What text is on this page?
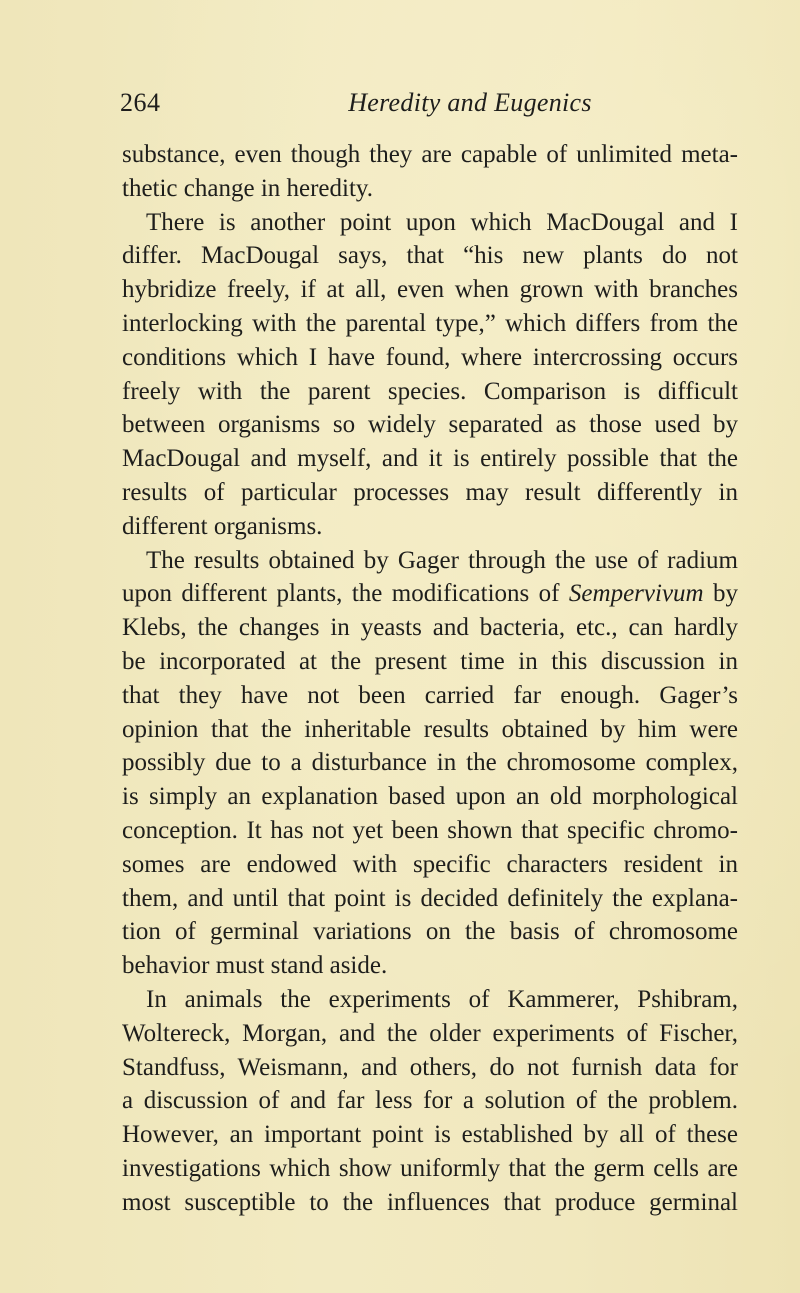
264	Heredity and Eugenics
substance, even though they are capable of unlimited meta-
thetic change in heredity.
There is another point upon which MacDougal and I
differ. MacDougal says, that “his new plants do not
hybridize freely, if at all, even when grown with branches
interlocking with the parental type,” which differs from the
conditions which I have found, where intercrossing occurs
freely with the parent species. Comparison is difficult
between organisms so widely separated as those used by
MacDougal and myself, and it is entirely possible that the
results of particular processes may result differently in
different organisms.
The results obtained by Gager through the use of radium
upon different plants, the modifications of Sempervivum by
Klebs, the changes in yeasts and bacteria, etc., can hardly
be incorporated at the present time in this discussion in
that they have not been carried far enough. Gager’s
opinion that the inheritable results obtained by him were
possibly due to a disturbance in the chromosome complex,
is simply an explanation based upon an old morphological
conception. It has not yet been shown that specific chromo-
somes are endowed with specific characters resident in
them, and until that point is decided definitely the explana-
tion of germinal variations on the basis of chromosome
behavior must stand aside.
In animals the experiments of Kammerer, Pshibram,
Woltereck, Morgan, and the older experiments of Fischer,
Standfuss, Weismann, and others, do not furnish data for
a discussion of and far less for a solution of the problem.
However, an important point is established by all of these
investigations which show uniformly that the germ cells are
most susceptible to the influences that produce germinal
